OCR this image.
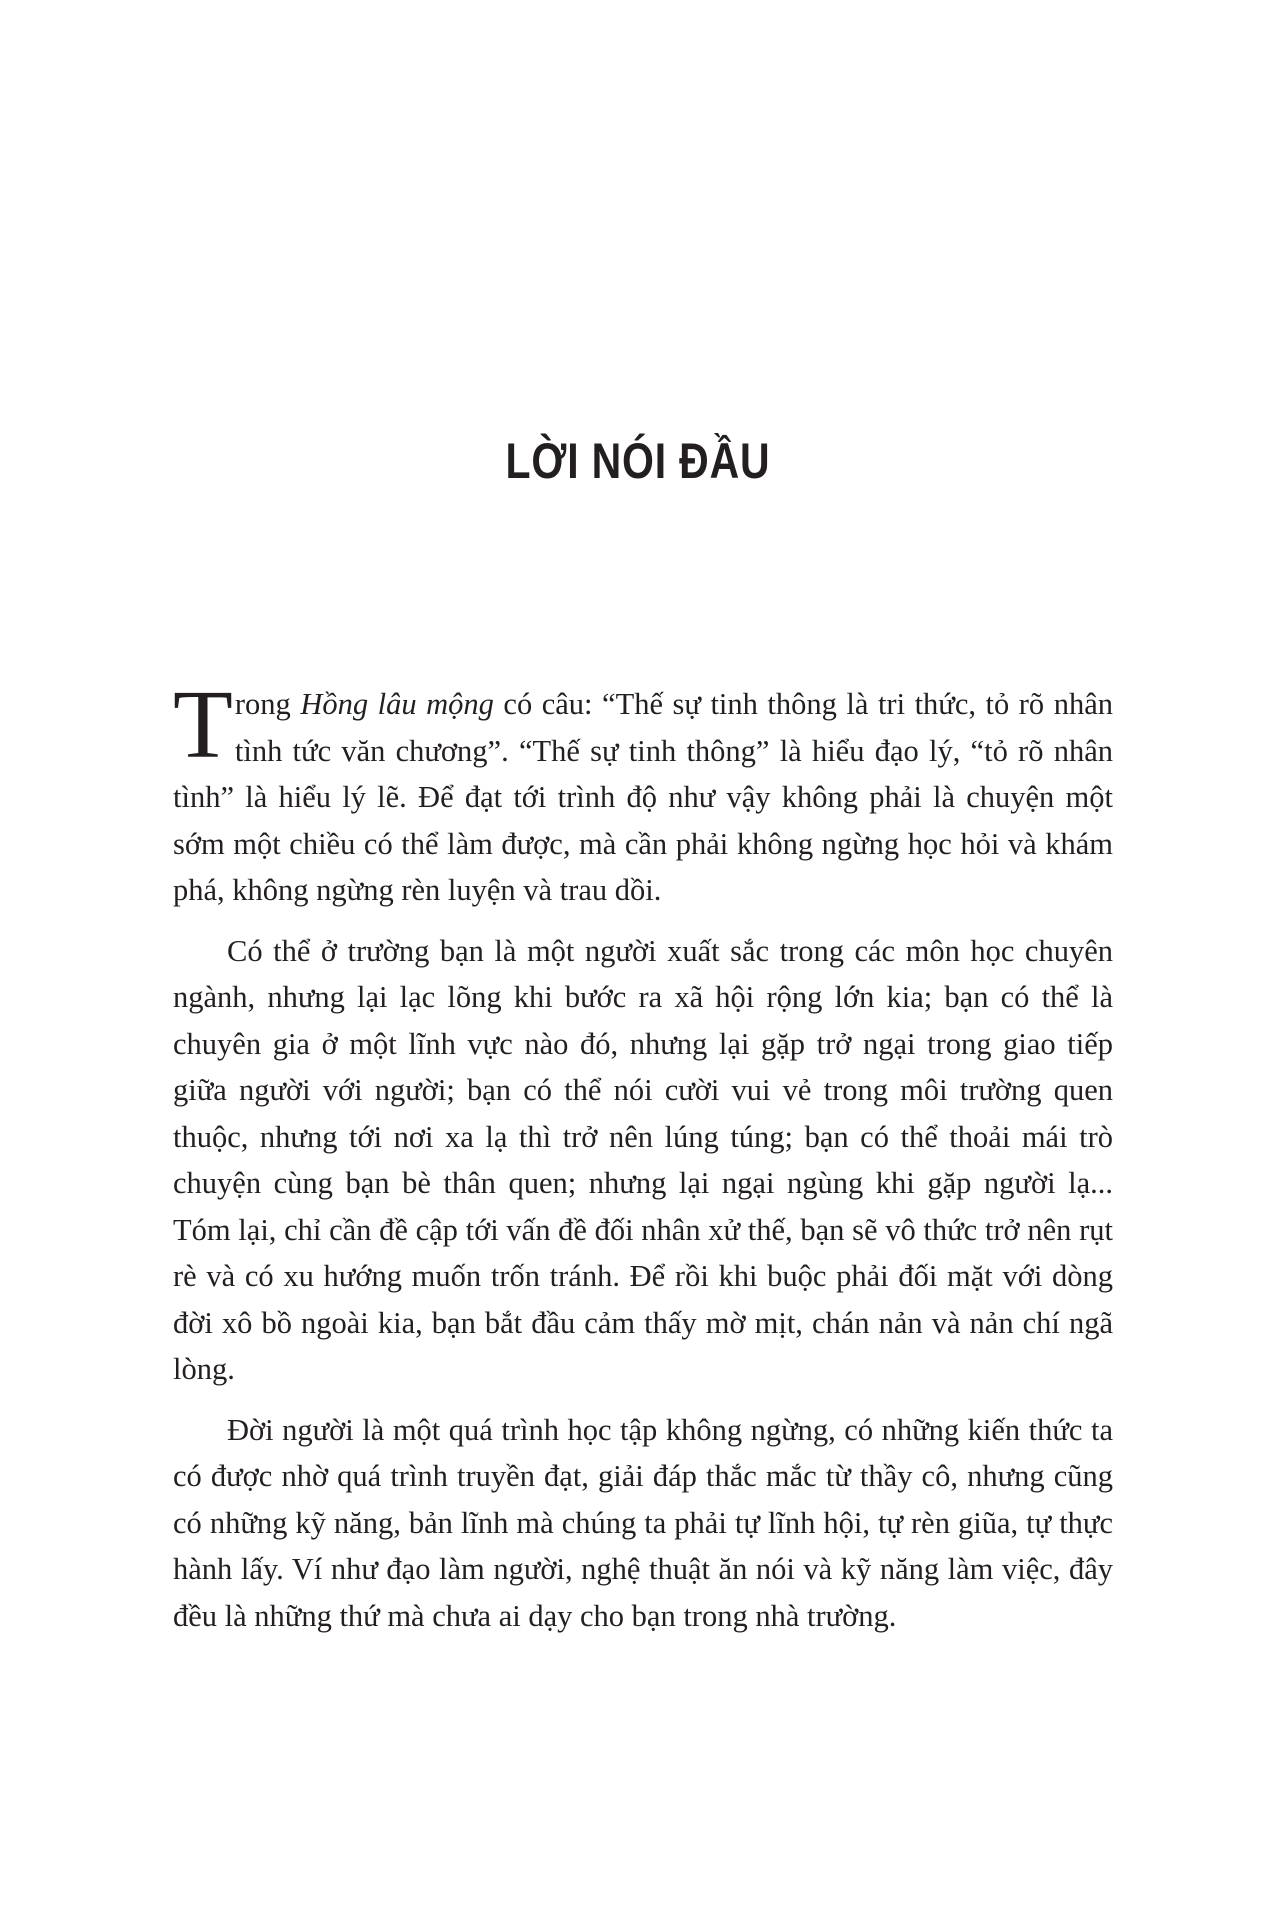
LỜI NÓI ĐẦU

Trong Hồng lâu mộng có câu: “Thế sự tinh thông là tri thức, tỏ rõ nhân tình tức văn chương”. “Thế sự tinh thông” là hiểu đạo lý, “tỏ rõ nhân tình” là hiểu lý lẽ. Để đạt tới trình độ như vậy không phải là chuyện một sớm một chiều có thể làm được, mà cần phải không ngừng học hỏi và khám phá, không ngừng rèn luyện và trau dồi.

Có thể ở trường bạn là một người xuất sắc trong các môn học chuyên ngành, nhưng lại lạc lõng khi bước ra xã hội rộng lớn kia; bạn có thể là chuyên gia ở một lĩnh vực nào đó, nhưng lại gặp trở ngại trong giao tiếp giữa người với người; bạn có thể nói cười vui vẻ trong môi trường quen thuộc, nhưng tới nơi xa lạ thì trở nên lúng túng; bạn có thể thoải mái trò chuyện cùng bạn bè thân quen; nhưng lại ngại ngùng khi gặp người lạ... Tóm lại, chỉ cần đề cập tới vấn đề đối nhân xử thế, bạn sẽ vô thức trở nên rụt rè và có xu hướng muốn trốn tránh. Để rồi khi buộc phải đối mặt với dòng đời xô bồ ngoài kia, bạn bắt đầu cảm thấy mờ mịt, chán nản và nản chí ngã lòng.

Đời người là một quá trình học tập không ngừng, có những kiến thức ta có được nhờ quá trình truyền đạt, giải đáp thắc mắc từ thầy cô, nhưng cũng có những kỹ năng, bản lĩnh mà chúng ta phải tự lĩnh hội, tự rèn giũa, tự thực hành lấy. Ví như đạo làm người, nghệ thuật ăn nói và kỹ năng làm việc, đây đều là những thứ mà chưa ai dạy cho bạn trong nhà trường.
